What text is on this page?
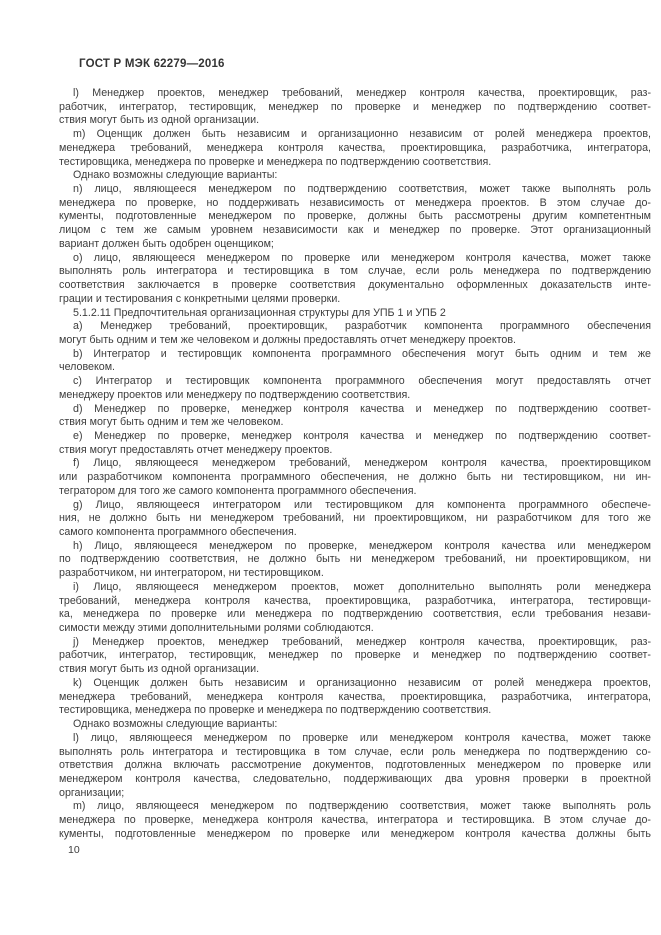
ГОСТ Р МЭК 62279—2016
l) Менеджер проектов, менеджер требований, менеджер контроля качества, проектировщик, раз-
работчик, интегратор, тестировщик, менеджер по проверке и менеджер по подтверждению соответ-
ствия могут быть из одной организации.
m) Оценщик должен быть независим и организационно независим от ролей менеджера проектов,
менеджера требований, менеджера контроля качества, проектировщика, разработчика, интегратора,
тестировщика, менеджера по проверке и менеджера по подтверждению соответствия.
Однако возможны следующие варианты:
n) лицо, являющееся менеджером по подтверждению соответствия, может также выполнять роль
менеджера по проверке, но поддерживать независимость от менеджера проектов. В этом случае до-
кументы, подготовленные менеджером по проверке, должны быть рассмотрены другим компетентным
лицом с тем же самым уровнем независимости как и менеджер по проверке. Этот организационный
вариант должен быть одобрен оценщиком;
o) лицо, являющееся менеджером по проверке или менеджером контроля качества, может также
выполнять роль интегратора и тестировщика в том случае, если роль менеджера по подтверждению
соответствия заключается в проверке соответствия документально оформленных доказательств инте-
грации и тестирования с конкретными целями проверки.
5.1.2.11 Предпочтительная организационная структуры для УПБ 1 и УПБ 2
a) Менеджер требований, проектировщик, разработчик компонента программного обеспечения
могут быть одним и тем же человеком и должны предоставлять отчет менеджеру проектов.
b) Интегратор и тестировщик компонента программного обеспечения могут быть одним и тем же
человеком.
c) Интегратор и тестировщик компонента программного обеспечения могут предоставлять отчет
менеджеру проектов или менеджеру по подтверждению соответствия.
d) Менеджер по проверке, менеджер контроля качества и менеджер по подтверждению соответ-
ствия могут быть одним и тем же человеком.
e) Менеджер по проверке, менеджер контроля качества и менеджер по подтверждению соответ-
ствия могут предоставлять отчет менеджеру проектов.
f) Лицо, являющееся менеджером требований, менеджером контроля качества, проектировщиком
или разработчиком компонента программного обеспечения, не должно быть ни тестировщиком, ни ин-
тегратором для того же самого компонента программного обеспечения.
g) Лицо, являющееся интегратором или тестировщиком для компонента программного обеспече-
ния, не должно быть ни менеджером требований, ни проектировщиком, ни разработчиком для того же
самого компонента программного обеспечения.
h) Лицо, являющееся менеджером по проверке, менеджером контроля качества или менеджером
по подтверждению соответствия, не должно быть ни менеджером требований, ни проектировщиком, ни
разработчиком, ни интегратором, ни тестировщиком.
i) Лицо, являющееся менеджером проектов, может дополнительно выполнять роли менеджера
требований, менеджера контроля качества, проектировщика, разработчика, интегратора, тестировщи-
ка, менеджера по проверке или менеджера по подтверждению соответствия, если требования незави-
симости между этими дополнительными ролями соблюдаются.
j) Менеджер проектов, менеджер требований, менеджер контроля качества, проектировщик, раз-
работчик, интегратор, тестировщик, менеджер по проверке и менеджер по подтверждению соответ-
ствия могут быть из одной организации.
k) Оценщик должен быть независим и организационно независим от ролей менеджера проектов,
менеджера требований, менеджера контроля качества, проектировщика, разработчика, интегратора,
тестировщика, менеджера по проверке и менеджера по подтверждению соответствия.
Однако возможны следующие варианты:
l) лицо, являющееся менеджером по проверке или менеджером контроля качества, может также
выполнять роль интегратора и тестировщика в том случае, если роль менеджера по подтверждению со-
ответствия должна включать рассмотрение документов, подготовленных менеджером по проверке или
менеджером контроля качества, следовательно, поддерживающих два уровня проверки в проектной
организации;
m) лицо, являющееся менеджером по подтверждению соответствия, может также выполнять роль
менеджера по проверке, менеджера контроля качества, интегратора и тестировщика. В этом случае до-
кументы, подготовленные менеджером по проверке или менеджером контроля качества должны быть
10
